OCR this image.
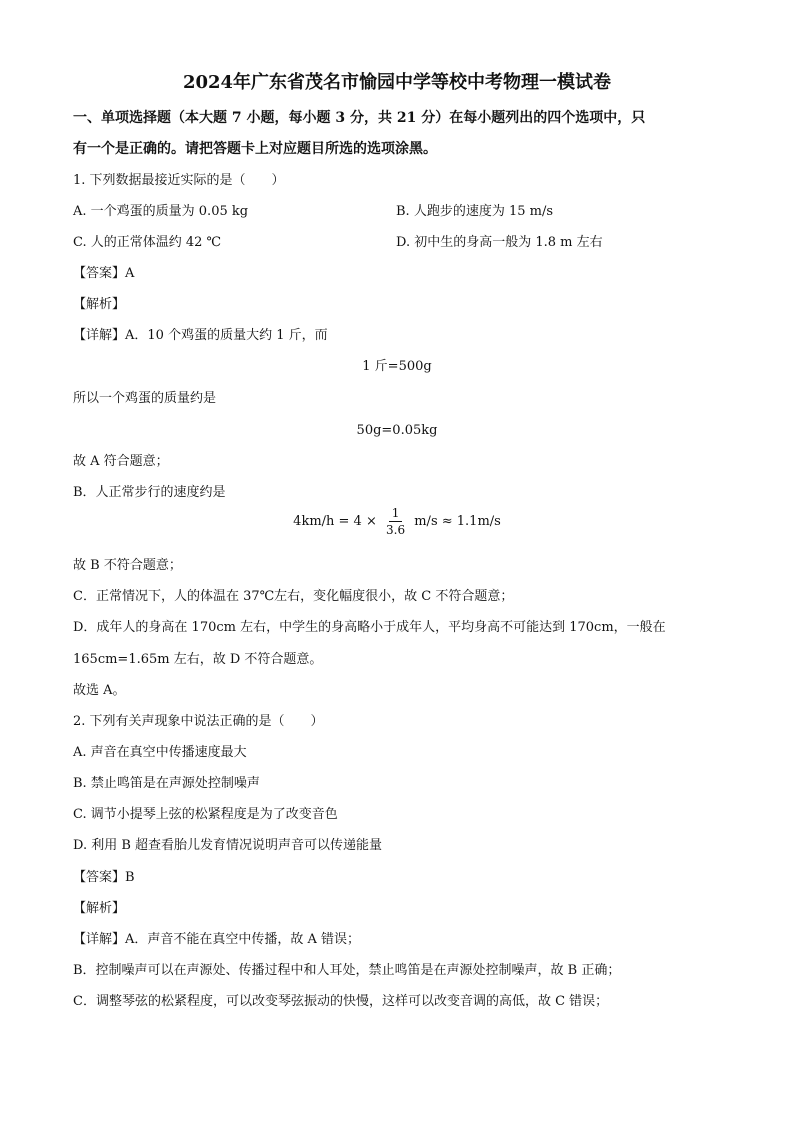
2024年广东省茂名市愉园中学等校中考物理一模试卷
一、单项选择题（本大题 7 小题，每小题 3 分，共 21 分）在每小题列出的四个选项中，只
有一个是正确的。请把答题卡上对应题目所选的选项涂黑。
1. 下列数据最接近实际的是（　　）
A. 一个鸡蛋的质量为 0.05 kg	B. 人跑步的速度为 15 m/s
C. 人的正常体温约 42 ℃	D. 初中生的身高一般为 1.8 m 左右
【答案】A
【解析】
【详解】A．10 个鸡蛋的质量大约 1 斤，而
1 斤=500g
所以一个鸡蛋的质量约是
50g=0.05kg
故 A 符合题意；
B．人正常步行的速度约是
$4km/h = 4 \times \frac{1}{3.6} m/s \approx 1.1m/s$
故 B 不符合题意；
C．正常情况下，人的体温在 37℃左右，变化幅度很小，故 C 不符合题意；
D．成年人的身高在 170cm 左右，中学生的身高略小于成年人，平均身高不可能达到 170cm，一般在
165cm=1.65m 左右，故 D 不符合题意。
故选 A。
2. 下列有关声现象中说法正确的是（　　）
A. 声音在真空中传播速度最大
B. 禁止鸣笛是在声源处控制噪声
C. 调节小提琴上弦的松紧程度是为了改变音色
D. 利用 B 超查看胎儿发育情况说明声音可以传递能量
【答案】B
【解析】
【详解】A．声音不能在真空中传播，故 A 错误；
B．控制噪声可以在声源处、传播过程中和人耳处，禁止鸣笛是在声源处控制噪声，故 B 正确；
C．调整琴弦的松紧程度，可以改变琴弦振动的快慢，这样可以改变音调的高低，故 C 错误；
